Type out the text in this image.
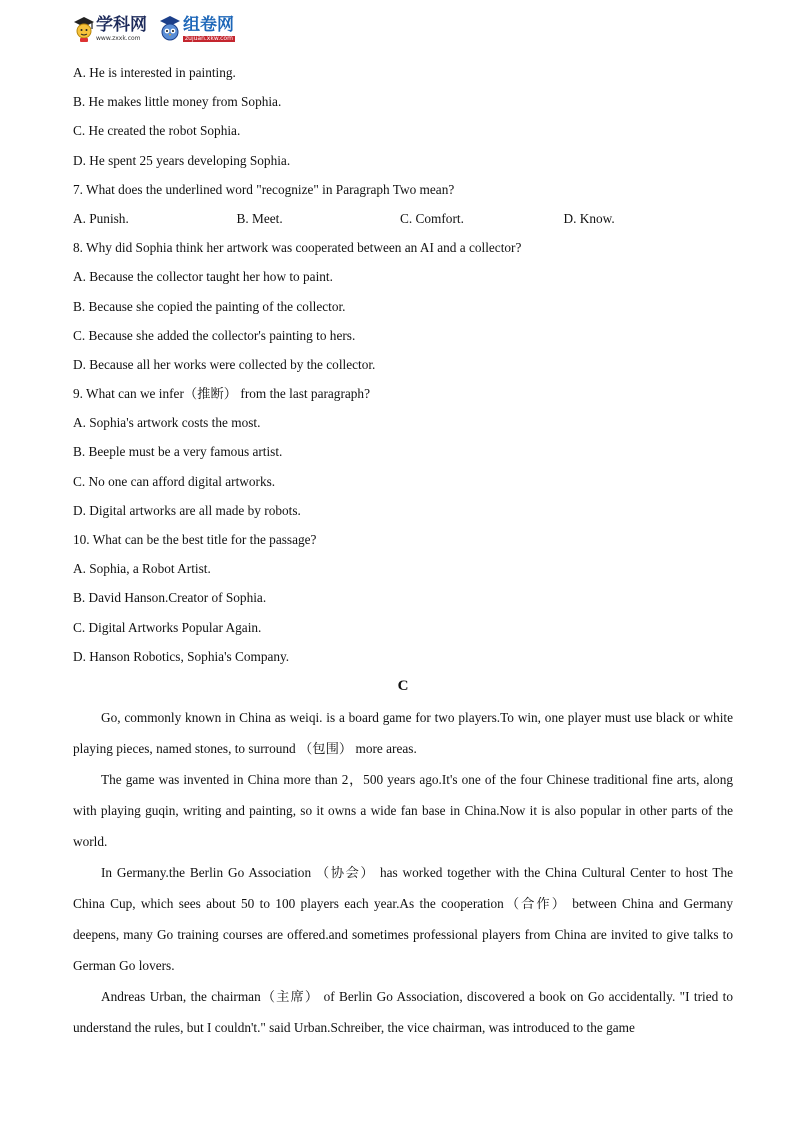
学科网
www.zxxk.com
组卷网
zujuan.xkw.com
A. He is interested in painting.
B. He makes little money from Sophia.
C. He created the robot Sophia.
D. He spent 25 years developing Sophia.
7. What does the underlined word "recognize" in Paragraph Two mean?
A. Punish.	B. Meet.	C. Comfort.	D. Know.
8. Why did Sophia think her artwork was cooperated between an AI and a collector?
A. Because the collector taught her how to paint.
B. Because she copied the painting of the collector.
C. Because she added the collector's painting to hers.
D. Because all her works were collected by the collector.
9. What can we infer（推断） from the last paragraph?
A. Sophia's artwork costs the most.
B. Beeple must be a very famous artist.
C. No one can afford digital artworks.
D. Digital artworks are all made by robots.
10. What can be the best title for the passage?
A. Sophia, a Robot Artist.
B. David Hanson.Creator of Sophia.
C. Digital Artworks Popular Again.
D. Hanson Robotics, Sophia's Company.
C

Go, commonly known in China as weiqi. is a board game for two players.To win, one player must use black or white playing pieces, named stones, to surround （包围） more areas.

The game was invented in China more than 2，500 years ago.It's one of the four Chinese traditional fine arts, along with playing guqin, writing and painting, so it owns a wide fan base in China.Now it is also popular in other parts of the world.

In Germany.the Berlin Go Association （协会） has worked together with the China Cultural Center to host The China Cup, which sees about 50 to 100 players each year.As the cooperation（合作） between China and Germany deepens, many Go training courses are offered.and sometimes professional players from China are invited to give talks to German Go lovers.

Andreas Urban, the chairman（主席） of Berlin Go Association, discovered a book on Go accidentally. "I tried to understand the rules, but I couldn't." said Urban.Schreiber, the vice chairman, was introduced to the game
